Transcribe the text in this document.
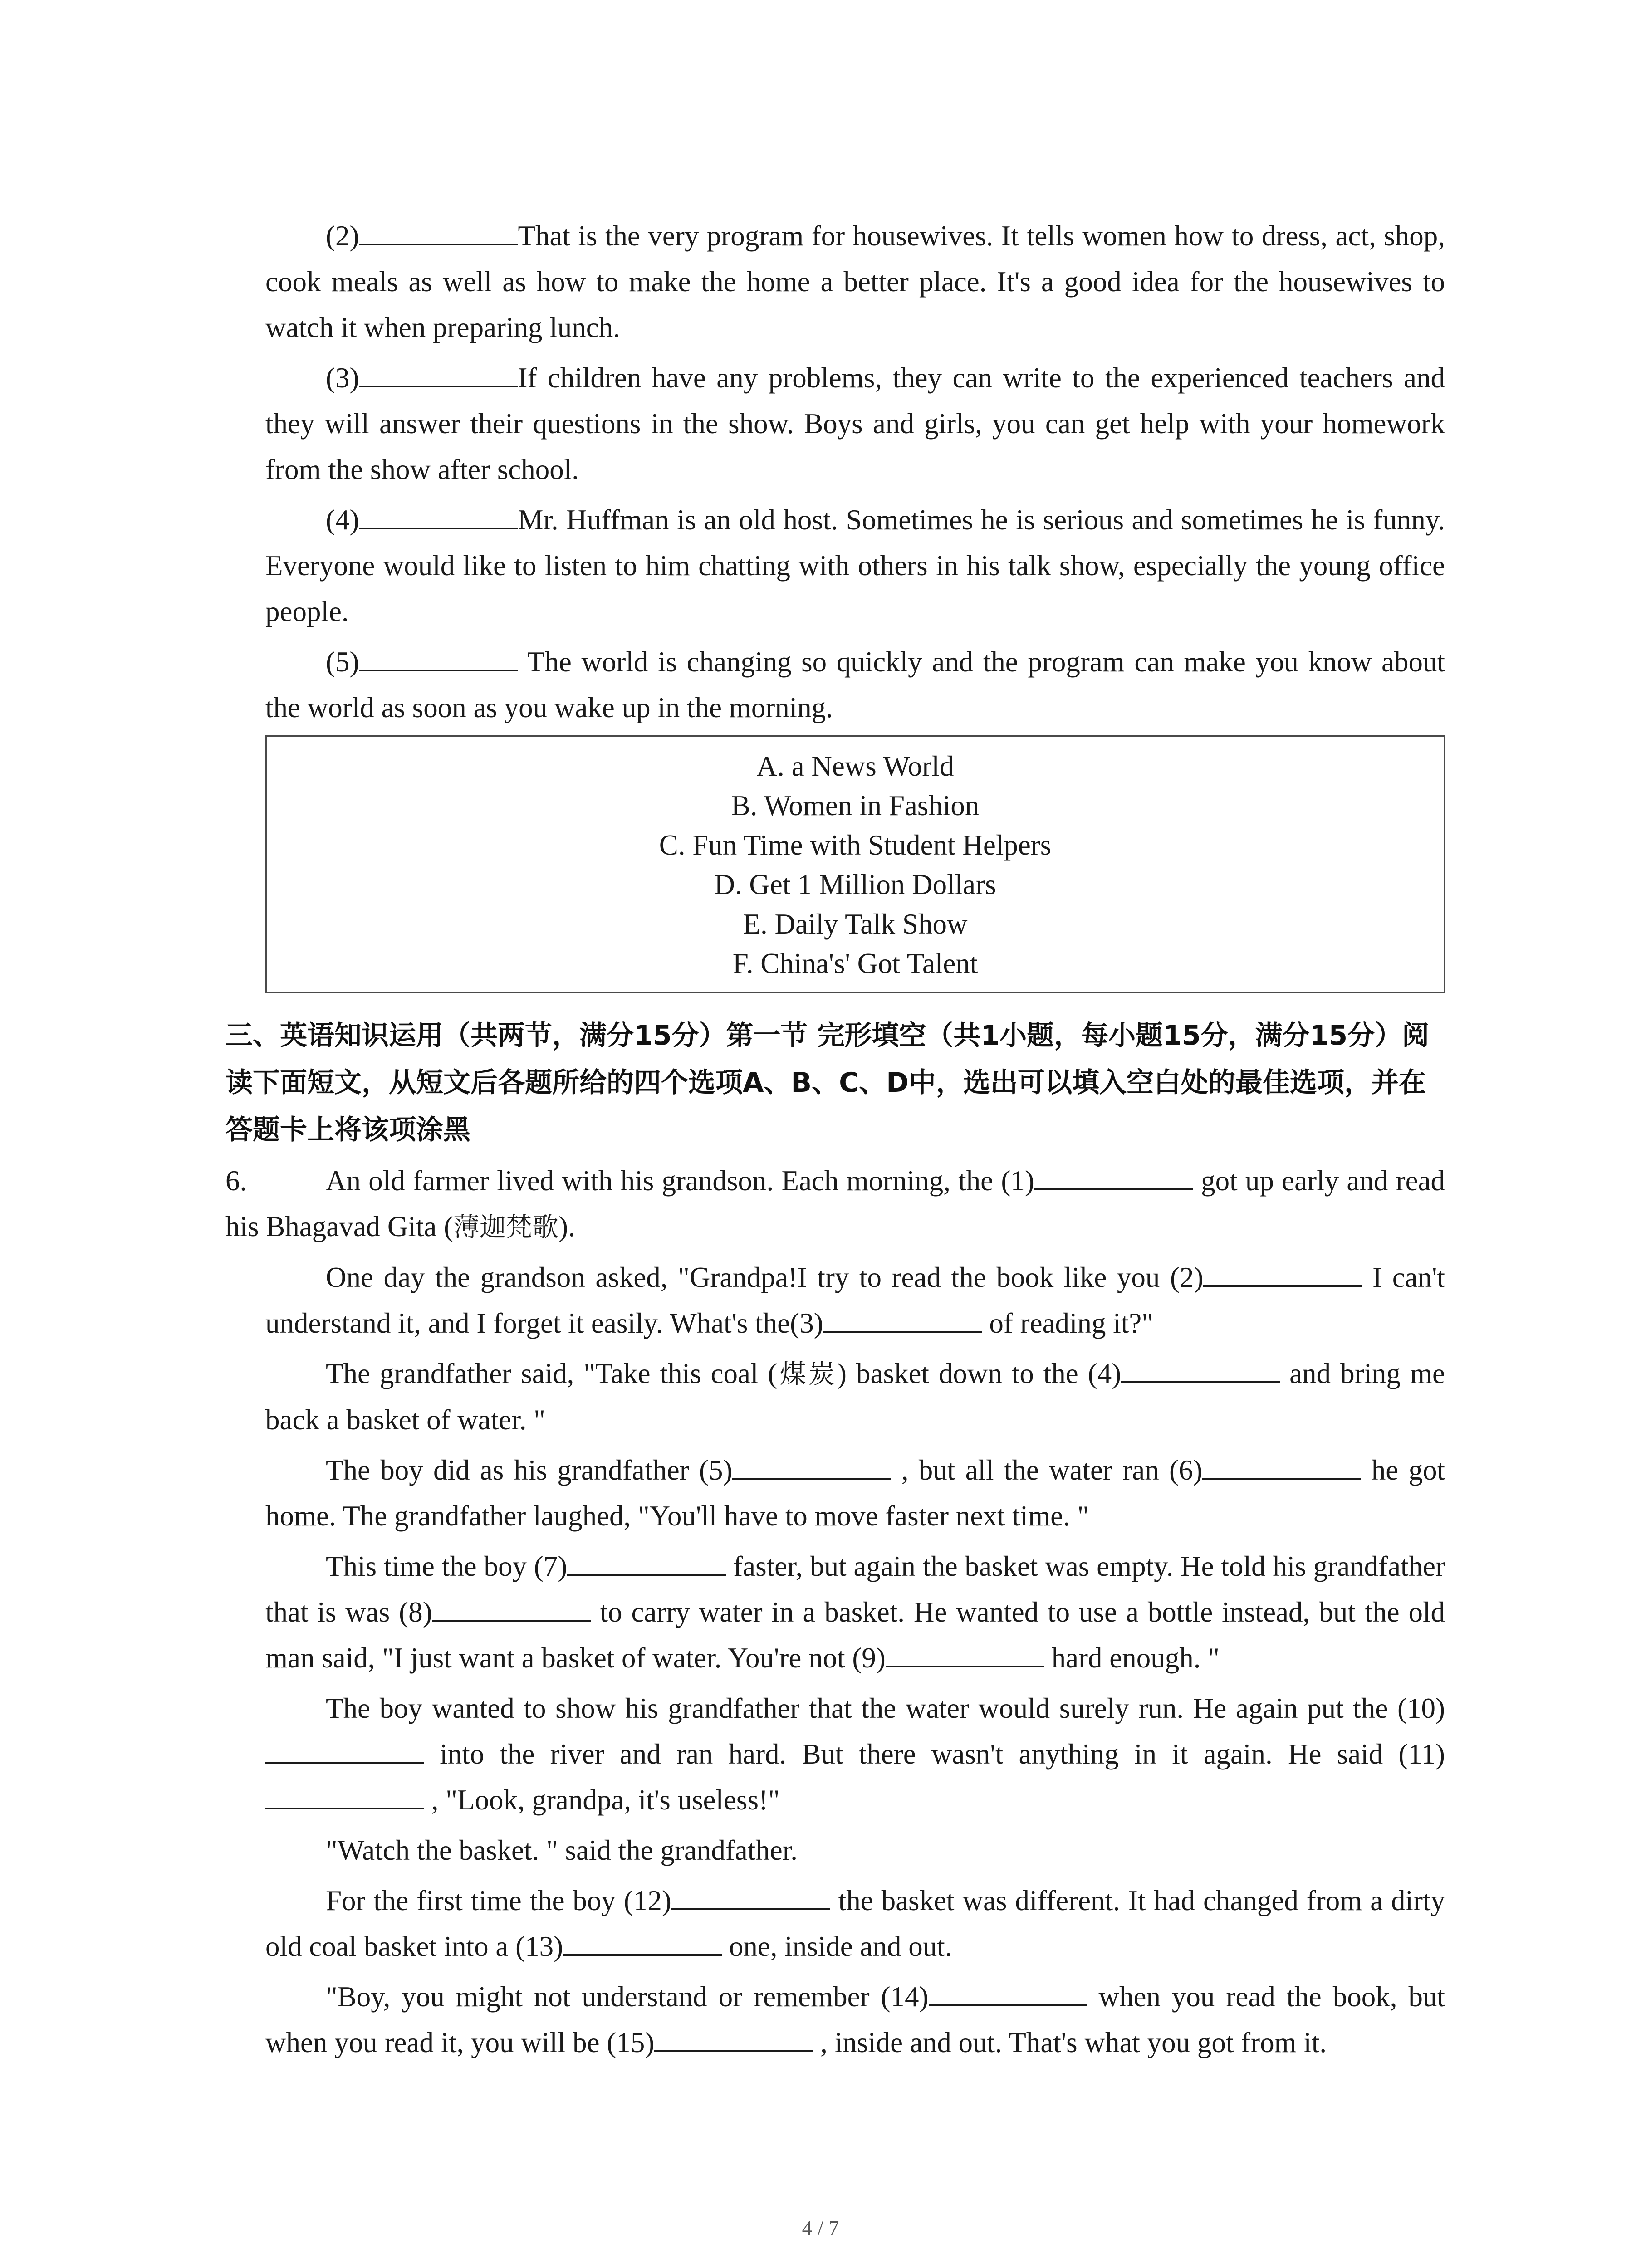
(2)	That is the very program for housewives. It tells women how to dress, act, shop, cook meals as well as how to make the home a better place. It's a good idea for the housewives to watch it when preparing lunch.

(3)	If children have any problems, they can write to the experienced teachers and they will answer their questions in the show. Boys and girls, you can get help with your homework from the show after school.

(4)	Mr. Huffman is an old host. Sometimes he is serious and sometimes he is funny. Everyone would like to listen to him chatting with others in his talk show, especially the young office people.

(5)	The world is changing so quickly and the program can make you know about the world as soon as you wake up in the morning.

A. a News World
B. Women in Fashion
C. Fun Time with Student Helpers
D. Get 1 Million Dollars
E. Daily Talk Show
F. China's' Got Talent
三、英语知识运用（共两节，满分15分）第一节 完形填空（共1小题，每小题15分，满分15分）阅读下面短文，从短文后各题所给的四个选项A、B、C、D中，选出可以填入空白处的最佳选项，并在答题卡上将该项涂黑

6.	An old farmer lived with his grandson. Each morning, the (1)	got up early and read his Bhagavad Gita (薄迦梵歌).

One day the grandson asked, "Grandpa!I try to read the book like you (2)	I can't understand it, and I forget it easily. What's the(3)	of reading it?"

The grandfather said, "Take this coal (煤炭) basket down to the (4)	and bring me back a basket of water. "

The boy did as his grandfather (5)	, but all the water ran (6)	he got home. The grandfather laughed, "You'll have to move faster next time. "

This time the boy (7)	faster, but again the basket was empty. He told his grandfather that is was (8)	to carry water in a basket. He wanted to use a bottle instead, but the old man said, "I just want a basket of water. You're not (9)	hard enough. "

The boy wanted to show his grandfather that the water would surely run. He again put the (10) into the river and ran hard. But there wasn't anything in it again. He said (11) , "Look, grandpa, it's useless!"

"Watch the basket. " said the grandfather.

For the first time the boy (12)	the basket was different. It had changed from a dirty old coal basket into a (13)	one, inside and out.

"Boy, you might not understand or remember (14)	when you read the book, but when you read it, you will be (15)	, inside and out. That's what you got from it.

4 / 7
